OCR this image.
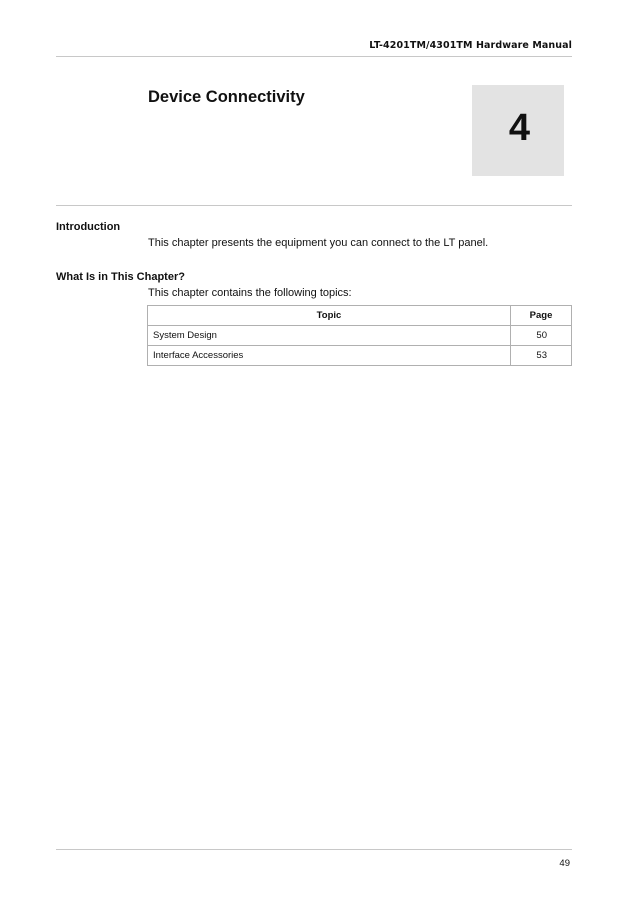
LT-4201TM/4301TM Hardware Manual
Device Connectivity
4
Introduction
This chapter presents the equipment you can connect to the LT panel.
What Is in This Chapter?
This chapter contains the following topics:
Topic	Page
System Design	50
Interface Accessories	53
49
